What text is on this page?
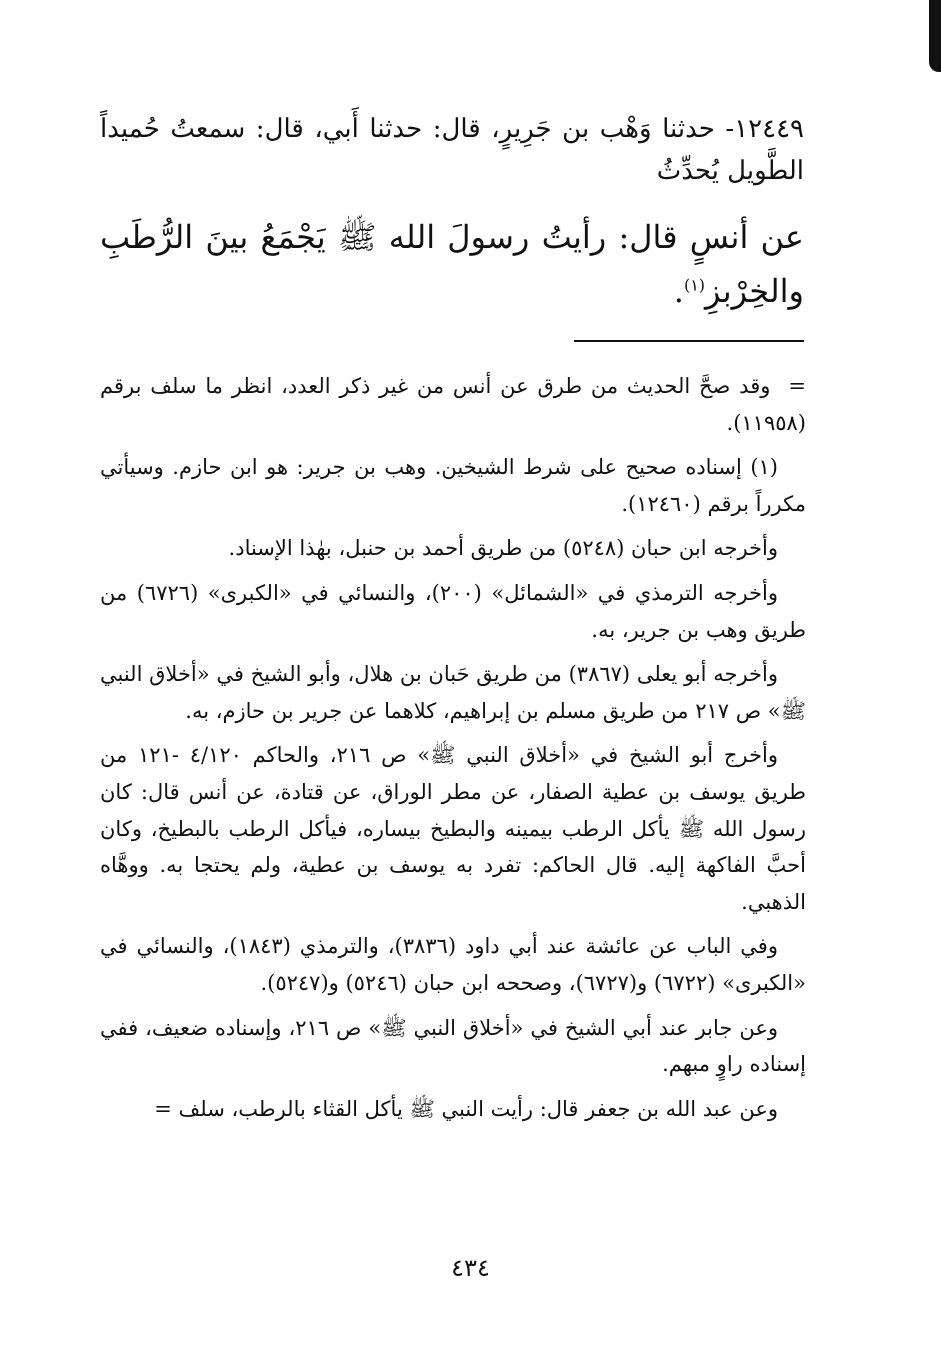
١٢٤٤٩- حدثنا وَهْب بن جَرِيرٍ، قال: حدثنا أَبي، قال: سمعتُ حُميداً الطَّويل يُحدِّثُ
عن أنسٍ قال: رأيتُ رسولَ الله ﷺ يَجْمَعُ بينَ الرُّطَبِ والخِرْبزِ$^{(١)}$.

=وقد صحَّ الحديث من طرق عن أنس من غير ذكر العدد، انظر ما سلف برقم (١١٩٥٨).

(١) إسناده صحيح على شرط الشيخين. وهب بن جرير: هو ابن حازم. وسيأتي مكرراً برقم (١٢٤٦٠).

وأخرجه ابن حبان (٥٢٤٨) من طريق أحمد بن حنبل، بهٰذا الإسناد.

وأخرجه الترمذي في «الشمائل» (٢٠٠)، والنسائي في «الكبرى» (٦٧٢٦) من طريق وهب بن جرير، به.

وأخرجه أبو يعلى (٣٨٦٧) من طريق حَبان بن هلال، وأبو الشيخ في «أخلاق النبي ﷺ» ص ٢١٧ من طريق مسلم بن إبراهيم، كلاهما عن جرير بن حازم، به.

وأخرج أبو الشيخ في «أخلاق النبي ﷺ» ص ٢١٦، والحاكم ٤/١٢٠ -١٢١ من طريق يوسف بن عطية الصفار، عن مطر الوراق، عن قتادة، عن أنس قال: كان رسول الله ﷺ يأكل الرطب بيمينه والبطيخ بيساره، فيأكل الرطب بالبطيخ، وكان أحبَّ الفاكهة إليه. قال الحاكم: تفرد به يوسف بن عطية، ولم يحتجا به. ووهَّاه الذهبي.

وفي الباب عن عائشة عند أبي داود (٣٨٣٦)، والترمذي (١٨٤٣)، والنسائي في «الكبرى» (٦٧٢٢) و(٦٧٢٧)، وصححه ابن حبان (٥٢٤٦) و(٥٢٤٧).

وعن جابر عند أبي الشيخ في «أخلاق النبي ﷺ» ص ٢١٦، وإسناده ضعيف، ففي إسناده راوٍ مبهم.

وعن عبد الله بن جعفر قال: رأيت النبي ﷺ يأكل القثاء بالرطب، سلف =

٤٣٤
